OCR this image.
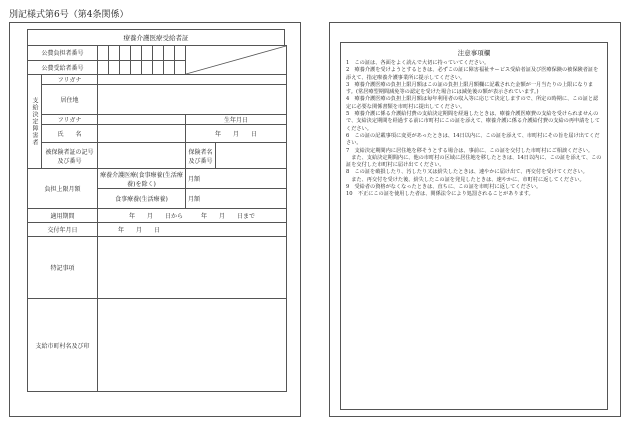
別記様式第6号（第4条関係）
療養介護医療受給者証
公費負担者番号									

公費受給者番号											
支給決定障害者	フリガナ										
	居住地										
	フリガナ									生年月日	
	氏　　名									年　　月　　日	
	被保険者証の記号及び番号									保険者名及び番号	
負担上限月額		療養介護医療(食事療養(生活療養)を除く)								月額	
		食事療養(生活療養)								月額	
適用期間		年　　月　　日から　　　年　　月　　日まで									
交付年月日		年　　月　　日									
特記事項											
支給市町村名及び印											
注意事項欄

1　この証は、各面をよく読んで大切に持っていてください。

2　療養介護を受けようとするときは、必ずこの証に障害福祉サービス受給者証及び医療保険の被保険者証を添えて、指定療養介護事業所に提示してください。

3　療養介護医療の負担上限月額はこの証の負担上限月額欄に記載された金額が一月当たりの上限になります。(常居療型期間減免等の認定を受けた場合には減免後の額が表示されています。)

4　療養介護医療の負担上限月額は毎年利用者の収入等に応じて決定しますので、所定の時期に、この証と認定に必要な関係書類を市町村に提出してください。

5　療養介護に係る介護給付費の支給決定期間を経過したときは、療養介護医療費の支給を受けられませんので、支給決定期間を経過する前に市町村にこの証を添えて、療養介護に係る介護給付費の支給の再申請をしてください。

6　この証の記載事項に変更があったときは、14日以内に、この証を添えて、市町村にその旨を届け出てください。

7　支給決定期間内に居住地を移そうとする場合は、事前に、この証を交付した市町村にご相談ください。

　また、支給決定期間内に、他の市町村の区域に居住地を移したときは、14日以内に、この証を添えて、この証を交付した市町村に届け出てください。

8　この証を破損したり、汚したり又は紛失したときは、速やかに届け出て、再交付を受けてください。

　また、再交付を受けた後、紛失したこの証を発見したときは、速やかに、市町村に返してください。

9　受給者の資格がなくなったときは、直ちに、この証を市町村に返してください。

10　不正にこの証を使用した者は、関係法令により処罰されることがあります。
